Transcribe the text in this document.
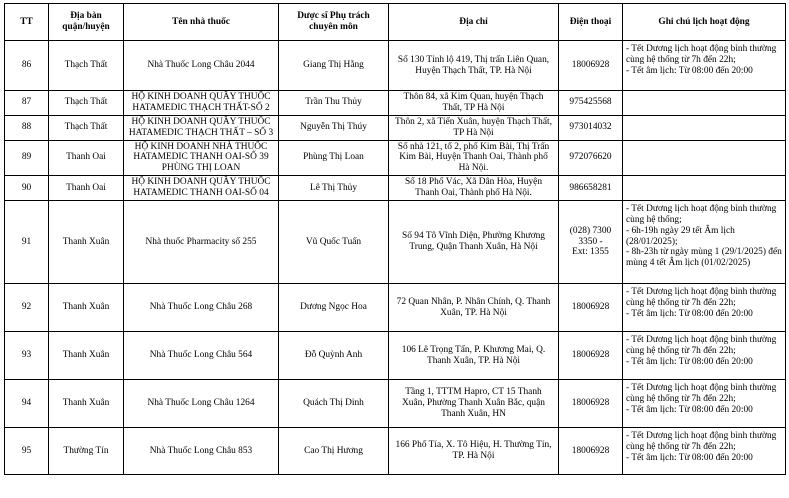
TT	Địa bàn quận/huyện	Tên nhà thuốc	Dược sĩ Phụ trách chuyên môn	Địa chỉ	Điện thoại	Ghi chú lịch hoạt động
86	Thạch Thất	Nhà Thuốc Long Châu 2044	Giang Thị Hằng	Số 130 Tỉnh lộ 419, Thị trấn Liên Quan,
Huyện Thạch Thất, TP. Hà Nội	18006928	- Tết Dương lịch hoạt động bình thường cùng hệ thống từ 7h đến 22h;
- Tết âm lịch: Từ 08:00 đến 20:00

87	Thạch Thất	HỘ KINH DOANH QUẦY THUỐC
HATAMEDIC THẠCH THẤT-SỐ 2	Trần Thu Thủy	Thôn 84, xã Kim Quan, huyện Thạch
Thất, TP Hà Nội	975425568	

88	Thạch Thất	HỘ KINH DOANH QUẦY THUỐC
HATAMEDIC THẠCH THẤT – SỐ 3	Nguyễn Thị Thúy	Thôn 2, xã Tiến Xuân, huyện Thạch Thất,
TP Hà Nội	973014032	

89	Thanh Oai	HỘ KINH DOANH NHÀ THUỐC
HATAMEDIC THANH OAI-SỐ 39
PHÙNG THỊ LOAN	Phùng Thị Loan	Số nhà 121, tổ 2, phố Kim Bài, Thị Trấn
Kim Bài, Huyện Thanh Oai, Thành phố
Hà Nội.	972076620	

90	Thanh Oai	HỘ KINH DOANH QUẦY THUỐC
HATAMEDIC THANH OAI-SỐ 04	Lê Thị Thủy	Số 18 Phố Vác, Xã Dân Hòa, Huyện
Thanh Oai, Thành phố Hà Nội.	986658281	

91	Thanh Xuân	Nhà thuốc Pharmacity số 255	Vũ Quốc Tuấn	Số 94 Tô Vĩnh Diện, Phường Khương
Trung, Quận Thanh Xuân, Hà Nội	(028) 7300 3350 -
Ext: 1355	- Tết Dương lịch hoạt động bình thường cùng hệ thống;
- 6h-19h ngày 29 tết Âm lịch (28/01/2025);
- 8h-23h từ ngày mùng 1 (29/1/2025) đến mùng 4 tết Âm lịch (01/02/2025)

92	Thanh Xuân	Nhà Thuốc Long Châu 268	Dương Ngọc Hoa	72 Quan Nhân, P. Nhân Chính, Q. Thanh
Xuân, TP. Hà Nội	18006928	- Tết Dương lịch hoạt động bình thường cùng hệ thống từ 7h đến 22h;
- Tết âm lịch: Từ 08:00 đến 20:00

93	Thanh Xuân	Nhà Thuốc Long Châu 564	Đỗ Quỳnh Anh	106 Lê Trọng Tấn, P. Khương Mai, Q.
Thanh Xuân, TP. Hà Nội	18006928	- Tết Dương lịch hoạt động bình thường cùng hệ thống từ 7h đến 22h;
- Tết âm lịch: Từ 08:00 đến 20:00

94	Thanh Xuân	Nhà Thuốc Long Châu 1264	Quách Thị Dinh	Tầng 1, TTTM Hapro, CT 15 Thanh
Xuân, Phường Thanh Xuân Bắc, quận
Thanh Xuân, HN	18006928	- Tết Dương lịch hoạt động bình thường cùng hệ thống từ 7h đến 22h;
- Tết âm lịch: Từ 08:00 đến 20:00

95	Thường Tín	Nhà Thuốc Long Châu 853	Cao Thị Hương	166 Phố Tía, X. Tô Hiệu, H. Thường Tín,
TP. Hà Nội	18006928	- Tết Dương lịch hoạt động bình thường cùng hệ thống từ 7h đến 22h;
- Tết âm lịch: Từ 08:00 đến 20:00
